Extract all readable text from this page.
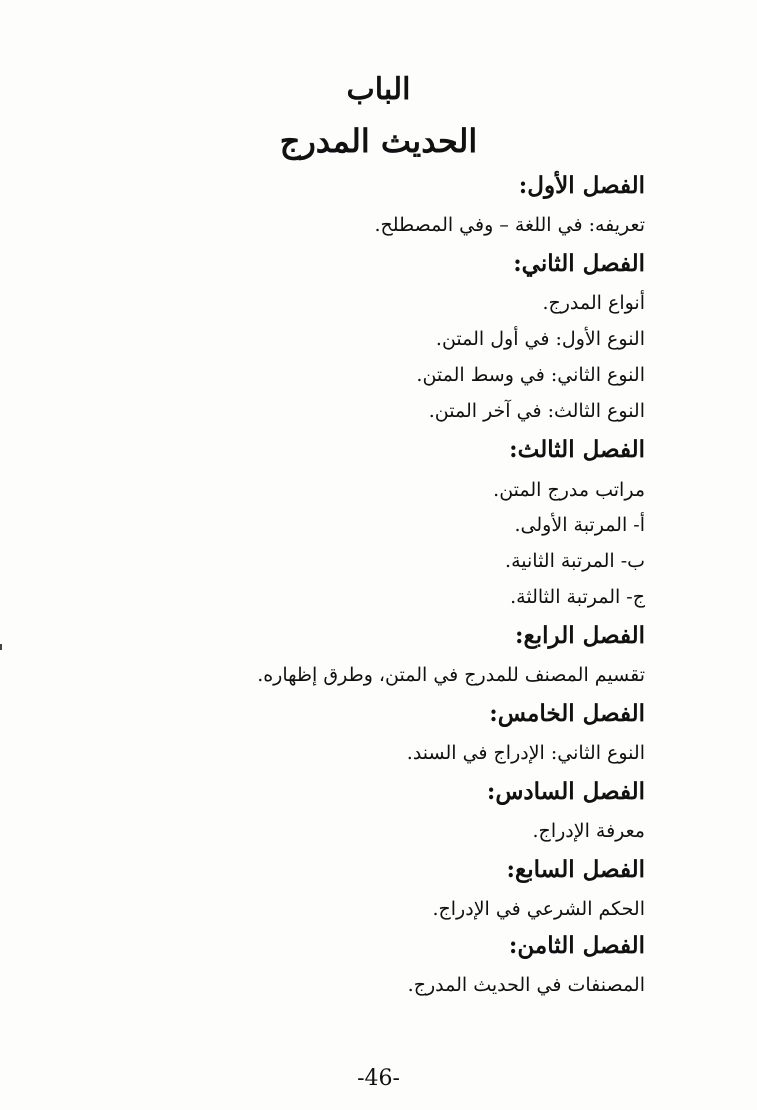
الباب
الحديث المدرج
الفصل الأول:
تعريفه: في اللغة – وفي المصطلح.
الفصل الثاني:
أنواع المدرج.
النوع الأول: في أول المتن.
النوع الثاني: في وسط المتن.
النوع الثالث: في آخر المتن.
الفصل الثالث:
مراتب مدرج المتن.
أ- المرتبة الأولى.
ب- المرتبة الثانية.
ج- المرتبة الثالثة.
الفصل الرابع:
تقسيم المصنف للمدرج في المتن، وطرق إظهاره.
الفصل الخامس:
النوع الثاني: الإدراج في السند.
الفصل السادس:
معرفة الإدراج.
الفصل السابع:
الحكم الشرعي في الإدراج.
الفصل الثامن:
المصنفات في الحديث المدرج.
-46-
